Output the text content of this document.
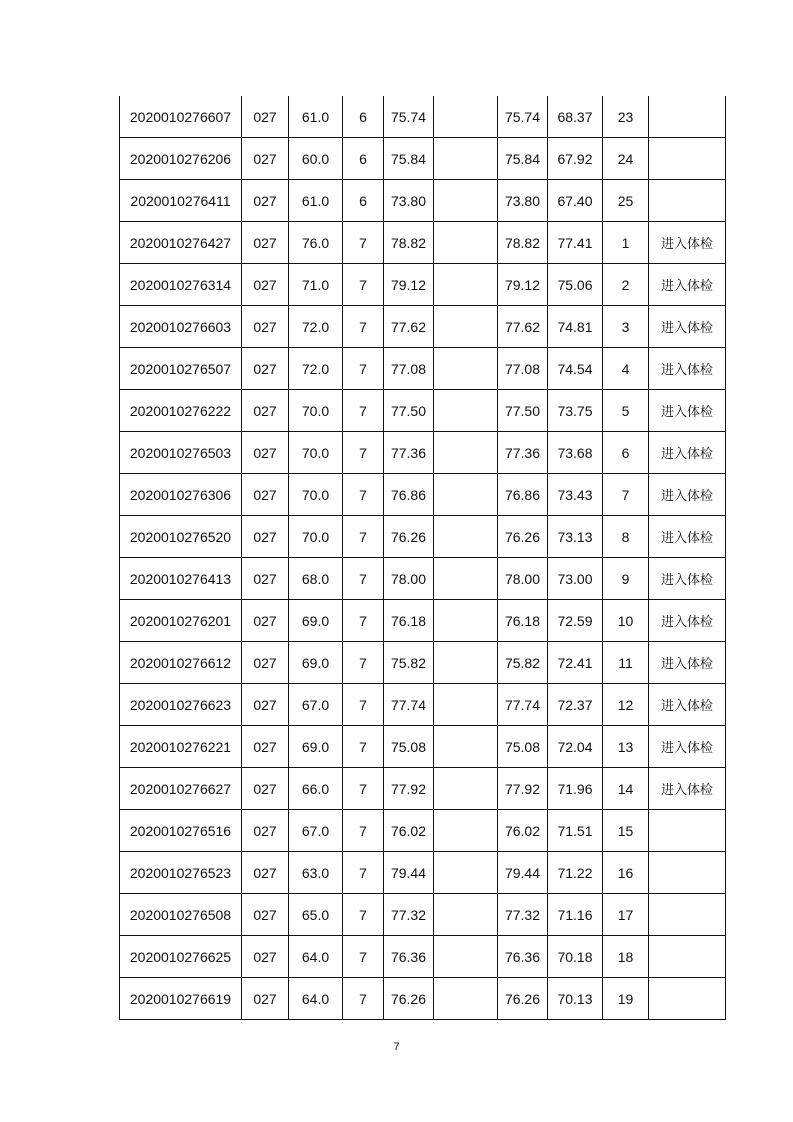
2020010276607	027	61.0	6	75.74		75.74	68.37	23	
2020010276206	027	60.0	6	75.84		75.84	67.92	24	
2020010276411	027	61.0	6	73.80		73.80	67.40	25	
2020010276427	027	76.0	7	78.82		78.82	77.41	1	进入体检
2020010276314	027	71.0	7	79.12		79.12	75.06	2	进入体检
2020010276603	027	72.0	7	77.62		77.62	74.81	3	进入体检
2020010276507	027	72.0	7	77.08		77.08	74.54	4	进入体检
2020010276222	027	70.0	7	77.50		77.50	73.75	5	进入体检
2020010276503	027	70.0	7	77.36		77.36	73.68	6	进入体检
2020010276306	027	70.0	7	76.86		76.86	73.43	7	进入体检
2020010276520	027	70.0	7	76.26		76.26	73.13	8	进入体检
2020010276413	027	68.0	7	78.00		78.00	73.00	9	进入体检
2020010276201	027	69.0	7	76.18		76.18	72.59	10	进入体检
2020010276612	027	69.0	7	75.82		75.82	72.41	11	进入体检
2020010276623	027	67.0	7	77.74		77.74	72.37	12	进入体检
2020010276221	027	69.0	7	75.08		75.08	72.04	13	进入体检
2020010276627	027	66.0	7	77.92		77.92	71.96	14	进入体检
2020010276516	027	67.0	7	76.02		76.02	71.51	15	
2020010276523	027	63.0	7	79.44		79.44	71.22	16	
2020010276508	027	65.0	7	77.32		77.32	71.16	17	
2020010276625	027	64.0	7	76.36		76.36	70.18	18	
2020010276619	027	64.0	7	76.26		76.26	70.13	19	
7
